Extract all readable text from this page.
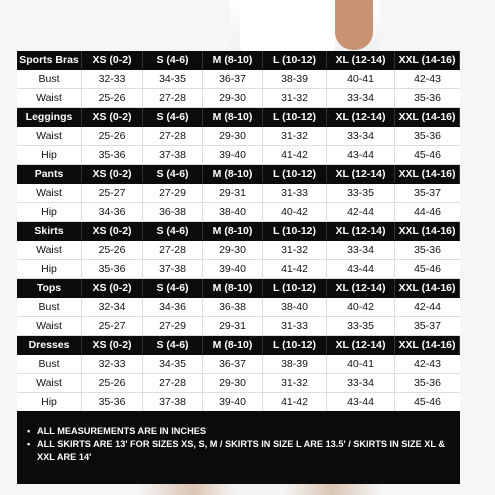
Sports Bras	XS (0-2)	S (4-6)	M (8-10)	L (10-12)	XL (12-14)	XXL (14-16)
Bust	32-33	34-35	36-37	38-39	40-41	42-43
Waist	25-26	27-28	29-30	31-32	33-34	35-36
Leggings	XS (0-2)	S (4-6)	M (8-10)	L (10-12)	XL (12-14)	XXL (14-16)
Waist	25-26	27-28	29-30	31-32	33-34	35-36
Hip	35-36	37-38	39-40	41-42	43-44	45-46
Pants	XS (0-2)	S (4-6)	M (8-10)	L (10-12)	XL (12-14)	XXL (14-16)
Waist	25-27	27-29	29-31	31-33	33-35	35-37
Hip	34-36	36-38	38-40	40-42	42-44	44-46
Skirts	XS (0-2)	S (4-6)	M (8-10)	L (10-12)	XL (12-14)	XXL (14-16)
Waist	25-26	27-28	29-30	31-32	33-34	35-36
Hip	35-36	37-38	39-40	41-42	43-44	45-46
Tops	XS (0-2)	S (4-6)	M (8-10)	L (10-12)	XL (12-14)	XXL (14-16)
Bust	32-34	34-36	36-38	38-40	40-42	42-44
Waist	25-27	27-29	29-31	31-33	33-35	35-37
Dresses	XS (0-2)	S (4-6)	M (8-10)	L (10-12)	XL (12-14)	XXL (14-16)
Bust	32-33	34-35	36-37	38-39	40-41	42-43
Waist	25-26	27-28	29-30	31-32	33-34	35-36
Hip	35-36	37-38	39-40	41-42	43-44	45-46
• ALL MEASUREMENTS ARE IN INCHES
• ALL SKIRTS ARE 13' FOR SIZES XS, S, M / SKIRTS IN SIZE L ARE 13.5' / SKIRTS IN SIZE XL & XXL ARE 14'
